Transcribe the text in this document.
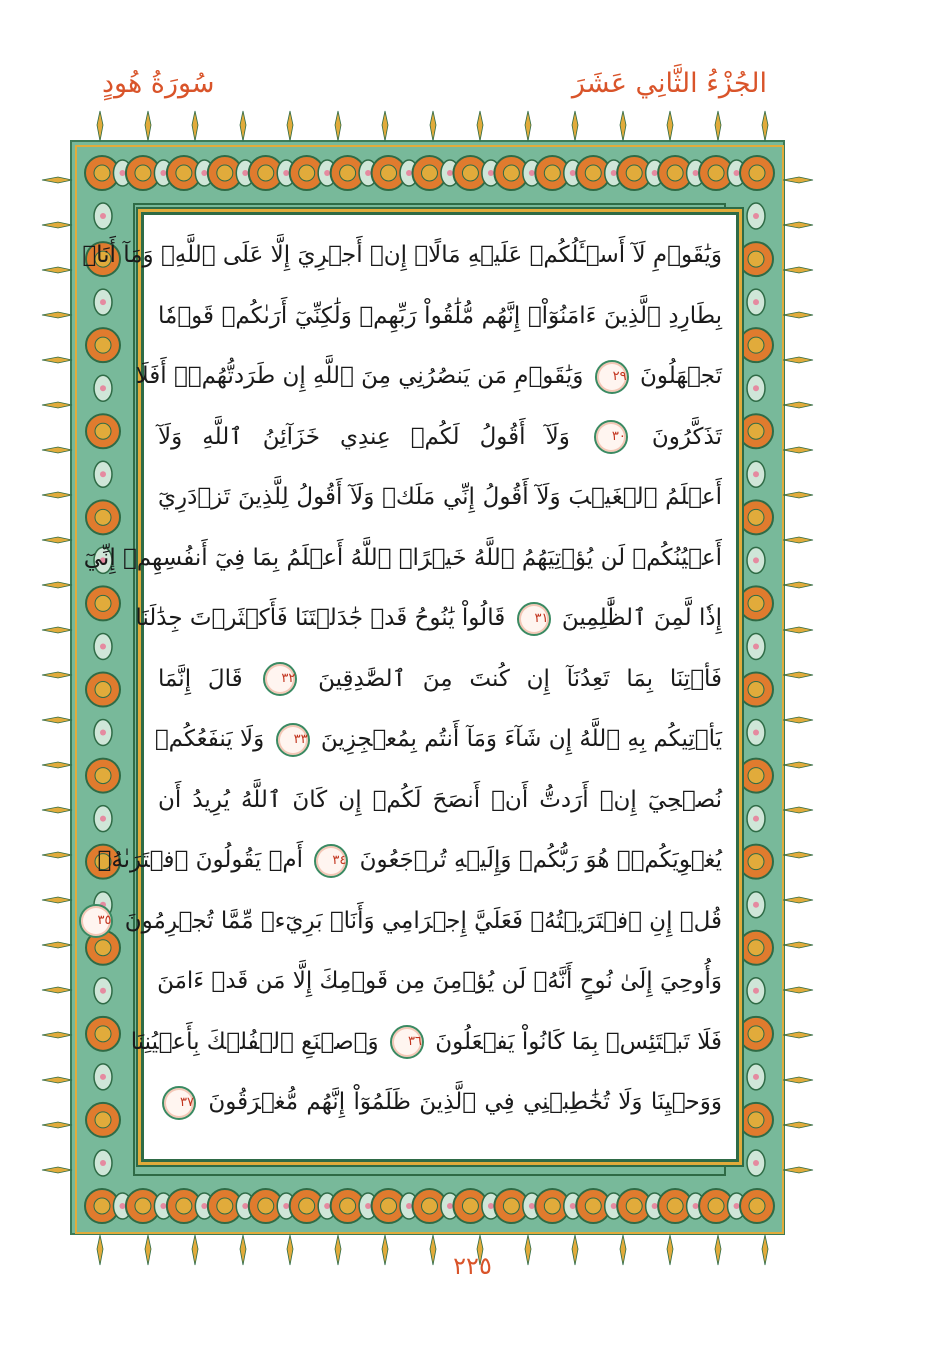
الجُزْءُ الثَّانِي عَشَرَ
سُورَةُ هُودٍ
وَيَٰقَوۡمِ لَآ أَسۡـَٔلُكُمۡ عَلَيۡهِ مَالًاۖ إِنۡ أَجۡرِيَ إِلَّا عَلَى ٱللَّهِۚ وَمَآ أَنَا۠
بِطَارِدِ ٱلَّذِينَ ءَامَنُوٓاْۚ إِنَّهُم مُّلَٰقُواْ رَبِّهِمۡ وَلَٰكِنِّيٓ أَرَىٰكُمۡ قَوۡمٗا
تَجۡهَلُونَ ٢٩ وَيَٰقَوۡمِ مَن يَنصُرُنِي مِنَ ٱللَّهِ إِن طَرَدتُّهُمۡۚ أَفَلَا
تَذَكَّرُونَ ٣٠ وَلَآ أَقُولُ لَكُمۡ عِندِي خَزَآئِنُ ٱللَّهِ وَلَآ
أَعۡلَمُ ٱلۡغَيۡبَ وَلَآ أَقُولُ إِنِّي مَلَكٞ وَلَآ أَقُولُ لِلَّذِينَ تَزۡدَرِيٓ
أَعۡيُنُكُمۡ لَن يُؤۡتِيَهُمُ ٱللَّهُ خَيۡرًاۖ ٱللَّهُ أَعۡلَمُ بِمَا فِيٓ أَنفُسِهِمۡ إِنِّيٓ
إِذٗا لَّمِنَ ٱلظَّٰلِمِينَ ٣١ قَالُواْ يَٰنُوحُ قَدۡ جَٰدَلۡتَنَا فَأَكۡثَرۡتَ جِدَٰلَنَا
فَأۡتِنَا بِمَا تَعِدُنَآ إِن كُنتَ مِنَ ٱلصَّٰدِقِينَ ٣٢ قَالَ إِنَّمَا
يَأۡتِيكُم بِهِ ٱللَّهُ إِن شَآءَ وَمَآ أَنتُم بِمُعۡجِزِينَ ٣٣ وَلَا يَنفَعُكُمۡ
نُصۡحِيٓ إِنۡ أَرَدتُّ أَنۡ أَنصَحَ لَكُمۡ إِن كَانَ ٱللَّهُ يُرِيدُ أَن
يُغۡوِيَكُمۡۚ هُوَ رَبُّكُمۡ وَإِلَيۡهِ تُرۡجَعُونَ ٣٤ أَمۡ يَقُولُونَ ٱفۡتَرَىٰهُۖ
قُلۡ إِنِ ٱفۡتَرَيۡتُهُۥ فَعَلَيَّ إِجۡرَامِي وَأَنَا۠ بَرِيٓءٞ مِّمَّا تُجۡرِمُونَ ٣٥
وَأُوحِيَ إِلَىٰ نُوحٍ أَنَّهُۥ لَن يُؤۡمِنَ مِن قَوۡمِكَ إِلَّا مَن قَدۡ ءَامَنَ
فَلَا تَبۡتَئِسۡ بِمَا كَانُواْ يَفۡعَلُونَ ٣٦ وَٱصۡنَعِ ٱلۡفُلۡكَ بِأَعۡيُنِنَا
وَوَحۡيِنَا وَلَا تُخَٰطِبۡنِي فِي ٱلَّذِينَ ظَلَمُوٓاْ إِنَّهُم مُّغۡرَقُونَ ٣٧
٢٢٥
